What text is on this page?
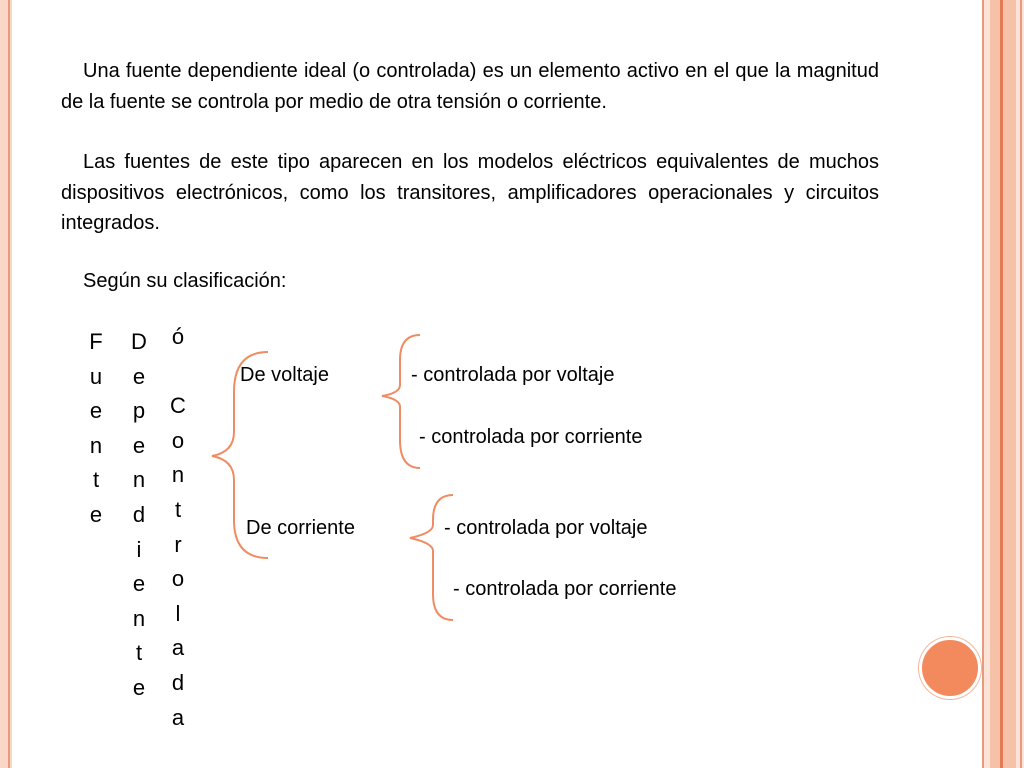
Una fuente dependiente ideal (o controlada) es un elemento activo en el que la magnitud de la fuente se controla por medio de otra tensión o corriente.

Las fuentes de este tipo aparecen en los modelos eléctricos equivalentes de muchos dispositivos electrónicos, como los transitores, amplificadores operacionales y circuitos integrados.

Según su clasificación:
F
u
e
n
t
e
D
e
p
e
n
d
i
e
n
t
e
ó
C
o
n
t
r
o
l
a
d
a
De voltaje	- controlada por voltaje
- controlada por corriente
De corriente	- controlada por voltaje
- controlada por corriente
